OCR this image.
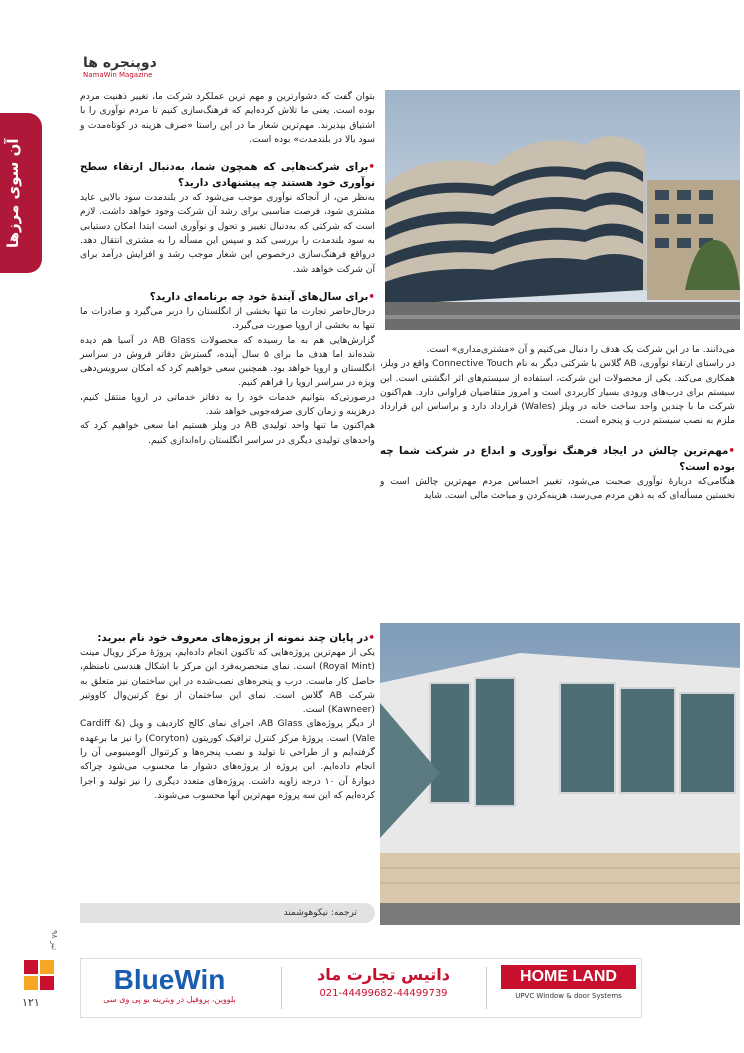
دوپنجره ها
NamaWin Magazine
آن سوی مرزها

بتوان گفت که دشوارترین و مهم ترین عملکرد شرکت ما، تغییر ذهنیت مردم بوده است. یعنی ما تلاش کرده‌ایم که فرهنگ‌سازی کنیم تا مردم نوآوری را با اشتیاق بپذیرند. مهم‌ترین شعار ما در این راستا «صرف هزینه در کوتاه‌مدت و سود بالا در بلندمدت» بوده است.

•برای شرکت‌هایی که همچون شما، به‌دنبال ارتقاء سطح نوآوری خود هستند چه پیشنهادی دارید؟

به‌نظر من، از آنجاکه نوآوری موجب می‌شود که در بلندمدت سود بالایی عاید مشتری شود، فرصت مناسبی برای رشد آن شرکت وجود خواهد داشت. لازم است که شرکتی که به‌دنبال تغییر و تحول و نوآوری است ابتدا امکان دستیابی به سود بلندمدت را بررسی کند و سپس این مسأله را به مشتری انتقال دهد. درواقع فرهنگ‌سازی درخصوص این شعار موجب رشد و افزایش درآمد برای آن شرکت خواهد شد.

•برای سال‌های آیندهٔ خود چه برنامه‌ای دارید؟

درحال‌حاضر تجارت ما تنها بخشی از انگلستان را دربر می‌گیرد و صادرات ما تنها به بخشی از اروپا صورت می‌گیرد.

گزارش‌هایی هم به ما رسیده که محصولات AB Glass در آسیا هم دیده شده‌اند اما هدف ما برای ۵ سال آینده، گسترش دفاتر فروش در سراسر انگلستان و اروپا خواهد بود. همچنین سعی خواهیم کرد که امکان سرویس‌دهی ویژه در سراسر اروپا را فراهم کنیم.

درصورتی‌که بتوانیم خدمات خود را به دفاتر خدماتی در اروپا منتقل کنیم، درهزینه و زمان کاری صرفه‌جویی خواهد شد.

هم‌اکنون ما تنها واحد تولیدی AB در ویلز هستیم اما سعی خواهیم کرد که واحدهای تولیدی دیگری در سراسر انگلستان راه‌اندازی کنیم.

•در پایان چند نمونه از پروژه‌های معروف خود نام ببرید:

یکی از مهم‌ترین پروژه‌هایی که تاکنون انجام داده‌ایم، پروژهٔ مرکز رویال مینت (Royal Mint) است. نمای منحصربه‌فرد این مرکز با اشکال هندسی نامنظم، حاصل کار ماست. درب و پنجره‌های نصب‌شده در این ساختمان نیز متعلق به شرکت AB گلاس است. نمای این ساختمان از نوع کرتین‌وال کاووتیر (Kawneer) است.

از دیگر پروژه‌های AB Glass، اجرای نمای کالج کاردیف و ویل (Cardiff & Vale) است. پروژهٔ مرکز کنترل ترافیک کوریتون (Coryton) را نیز ما برعهده گرفته‌ایم و از طراحی تا تولید و نصب پنجره‌ها و کرتنوال آلومینیومی آن را انجام داده‌ایم. این پروژه از پروژه‌های دشوار ما محسوب می‌شود چراکه دیوارهٔ آن ۱۰ درجه زاویه داشت. پروژه‌های متعدد دیگری را نیز تولید و اجرا کرده‌ایم که این سه پروژه مهم‌ترین آنها محسوب می‌شوند.

می‌دانند. ما در این شرکت یک هدف را دنبال می‌کنیم و آن «مشتری‌مداری» است.

در راستای ارتقاء نوآوری، AB گلاس با شرکتی دیگر به نام Connective Touch واقع در ویلز، همکاری می‌کند. یکی از محصولات این شرکت، استفاده از سیستم‌های اثر انگشتی است. این سیستم برای درب‌های ورودی بسیار کاربردی است و امروز متقاضیان فراوانی دارد. هم‌اکنون شرکت ما با چندین واحد ساخت خانه در ویلز (Wales) قرارداد دارد و براساس این قرارداد ملزم به نصب سیستم درب و پنجره است.

•مهم‌ترین چالش در ایجاد فرهنگ نوآوری و ابداع در شرکت شما چه بوده است؟

هنگامی‌که دربارهٔ نوآوری صحبت می‌شود، تغییر احساس مردم مهم‌ترین چالش است و نخستین مسأله‌ای که به ذهن مردم می‌رسد، هزینه‌کردن و مباحث مالی است. شاید

ترجمه: نیکوهوشمند
تیر ۹۸
۱۲۱
BlueWin
بلووین، پروفیل در ویترینه یو پی وی سی
داتیس تجارت ماد
021-44499682-44499739
HOME LAND
UPVC Window & door Systems
